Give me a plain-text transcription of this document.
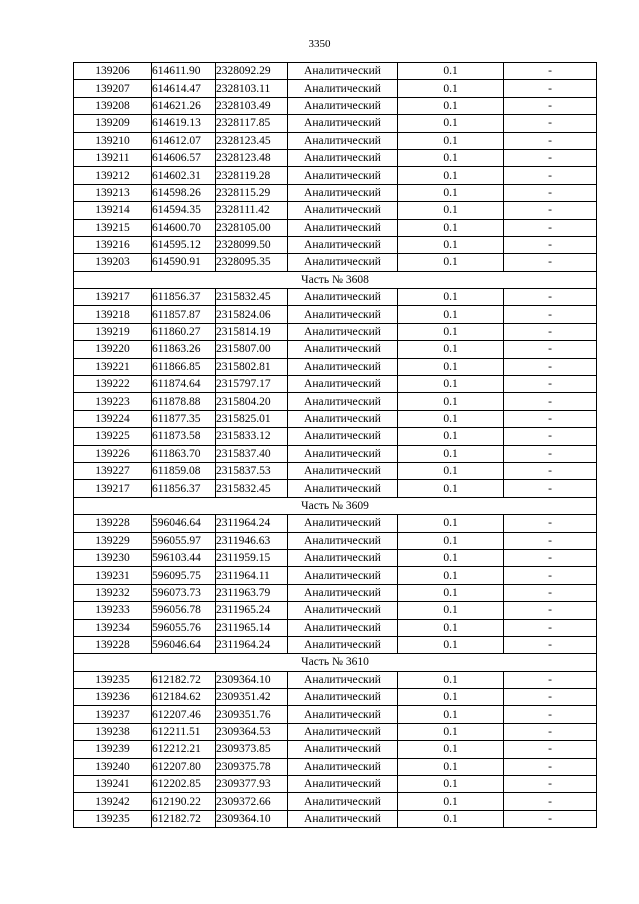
3350
139206	614611.90	2328092.29	Аналитический	0.1	-
139207	614614.47	2328103.11	Аналитический	0.1	-
139208	614621.26	2328103.49	Аналитический	0.1	-
139209	614619.13	2328117.85	Аналитический	0.1	-
139210	614612.07	2328123.45	Аналитический	0.1	-
139211	614606.57	2328123.48	Аналитический	0.1	-
139212	614602.31	2328119.28	Аналитический	0.1	-
139213	614598.26	2328115.29	Аналитический	0.1	-
139214	614594.35	2328111.42	Аналитический	0.1	-
139215	614600.70	2328105.00	Аналитический	0.1	-
139216	614595.12	2328099.50	Аналитический	0.1	-
139203	614590.91	2328095.35	Аналитический	0.1	-
Часть № 3608					
139217	611856.37	2315832.45	Аналитический	0.1	-
139218	611857.87	2315824.06	Аналитический	0.1	-
139219	611860.27	2315814.19	Аналитический	0.1	-
139220	611863.26	2315807.00	Аналитический	0.1	-
139221	611866.85	2315802.81	Аналитический	0.1	-
139222	611874.64	2315797.17	Аналитический	0.1	-
139223	611878.88	2315804.20	Аналитический	0.1	-
139224	611877.35	2315825.01	Аналитический	0.1	-
139225	611873.58	2315833.12	Аналитический	0.1	-
139226	611863.70	2315837.40	Аналитический	0.1	-
139227	611859.08	2315837.53	Аналитический	0.1	-
139217	611856.37	2315832.45	Аналитический	0.1	-
Часть № 3609					
139228	596046.64	2311964.24	Аналитический	0.1	-
139229	596055.97	2311946.63	Аналитический	0.1	-
139230	596103.44	2311959.15	Аналитический	0.1	-
139231	596095.75	2311964.11	Аналитический	0.1	-
139232	596073.73	2311963.79	Аналитический	0.1	-
139233	596056.78	2311965.24	Аналитический	0.1	-
139234	596055.76	2311965.14	Аналитический	0.1	-
139228	596046.64	2311964.24	Аналитический	0.1	-
Часть № 3610					
139235	612182.72	2309364.10	Аналитический	0.1	-
139236	612184.62	2309351.42	Аналитический	0.1	-
139237	612207.46	2309351.76	Аналитический	0.1	-
139238	612211.51	2309364.53	Аналитический	0.1	-
139239	612212.21	2309373.85	Аналитический	0.1	-
139240	612207.80	2309375.78	Аналитический	0.1	-
139241	612202.85	2309377.93	Аналитический	0.1	-
139242	612190.22	2309372.66	Аналитический	0.1	-
139235	612182.72	2309364.10	Аналитический	0.1	-
